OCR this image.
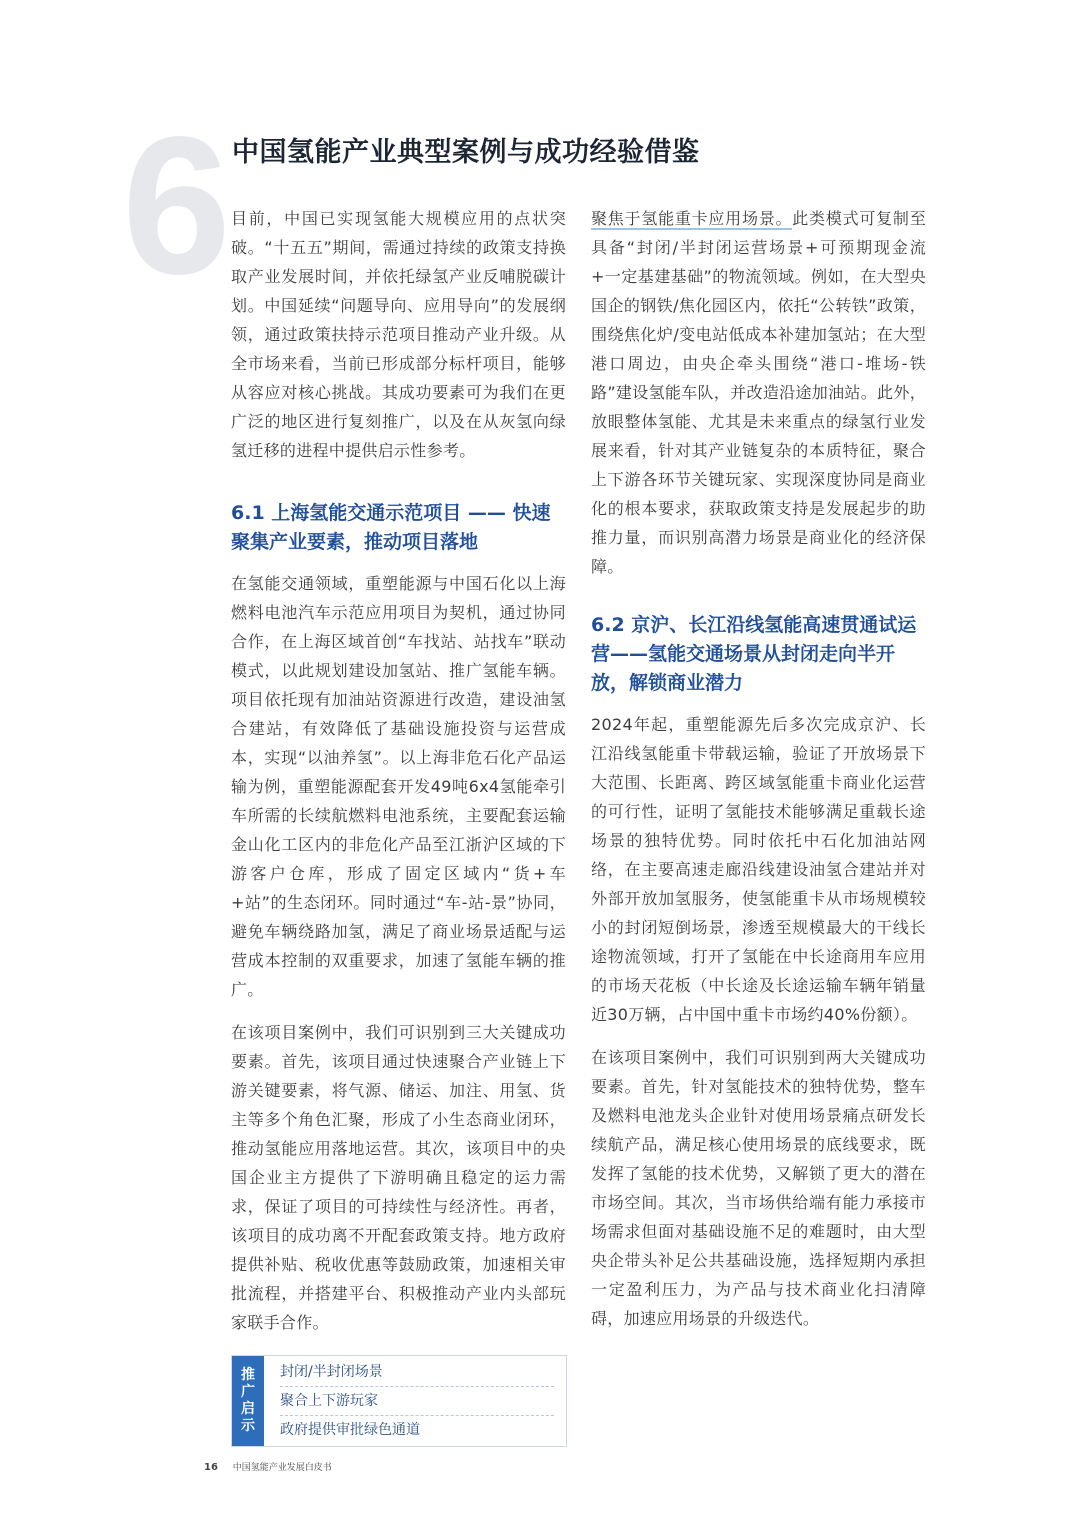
6 中国氢能产业典型案例与成功经验借鉴

目前，中国已实现氢能大规模应用的点状突破。“十五五”期间，需通过持续的政策支持换取产业发展时间，并依托绿氢产业反哺脱碳计划。中国延续“问题导向、应用导向”的发展纲领，通过政策扶持示范项目推动产业升级。从全市场来看，当前已形成部分标杆项目，能够从容应对核心挑战。其成功要素可为我们在更广泛的地区进行复刻推广，以及在从灰氢向绿氢迁移的进程中提供启示性参考。

6.1 上海氢能交通示范项目 —— 快速聚集产业要素，推动项目落地

在氢能交通领域，重塑能源与中国石化以上海燃料电池汽车示范应用项目为契机，通过协同合作，在上海区域首创“车找站、站找车”联动模式，以此规划建设加氢站、推广氢能车辆。项目依托现有加油站资源进行改造，建设油氢合建站，有效降低了基础设施投资与运营成本，实现“以油养氢”。以上海非危石化产品运输为例，重塑能源配套开发49吨6x4氢能牵引车所需的长续航燃料电池系统，主要配套运输金山化工区内的非危化产品至江浙沪区域的下游客户仓库，形成了固定区域内“货+车+站”的生态闭环。同时通过“车-站-景”协同，避免车辆绕路加氢，满足了商业场景适配与运营成本控制的双重要求，加速了氢能车辆的推广。

在该项目案例中，我们可识别到三大关键成功要素。首先，该项目通过快速聚合产业链上下游关键要素，将气源、储运、加注、用氢、货主等多个角色汇聚，形成了小生态商业闭环，推动氢能应用落地运营。其次，该项目中的央国企业主方提供了下游明确且稳定的运力需求，保证了项目的可持续性与经济性。再者，该项目的成功离不开配套政策支持。地方政府提供补贴、税收优惠等鼓励政策，加速相关审批流程，并搭建平台、积极推动产业内头部玩家联手合作。

推广启示
封闭/半封闭场景
聚合上下游玩家
政府提供审批绿色通道

聚焦于氢能重卡应用场景。此类模式可复制至具备“封闭/半封闭运营场景+可预期现金流+一定基建基础”的物流领域。例如，在大型央国企的钢铁/焦化园区内，依托“公转铁”政策，围绕焦化炉/变电站低成本补建加氢站；在大型港口周边，由央企牵头围绕“港口-堆场-铁路”建设氢能车队，并改造沿途加油站。此外，放眼整体氢能、尤其是未来重点的绿氢行业发展来看，针对其产业链复杂的本质特征，聚合上下游各环节关键玩家、实现深度协同是商业化的根本要求，获取政策支持是发展起步的助推力量，而识别高潜力场景是商业化的经济保障。

6.2 京沪、长江沿线氢能高速贯通试运营——氢能交通场景从封闭走向半开放，解锁商业潜力

2024年起，重塑能源先后多次完成京沪、长江沿线氢能重卡带载运输，验证了开放场景下大范围、长距离、跨区域氢能重卡商业化运营的可行性，证明了氢能技术能够满足重载长途场景的独特优势。同时依托中石化加油站网络，在主要高速走廊沿线建设油氢合建站并对外部开放加氢服务，使氢能重卡从市场规模较小的封闭短倒场景，渗透至规模最大的干线长途物流领域，打开了氢能在中长途商用车应用的市场天花板（中长途及长途运输车辆年销量近30万辆，占中国中重卡市场约40%份额）。

在该项目案例中，我们可识别到两大关键成功要素。首先，针对氢能技术的独特优势，整车及燃料电池龙头企业针对使用场景痛点研发长续航产品，满足核心使用场景的底线要求，既发挥了氢能的技术优势，又解锁了更大的潜在市场空间。其次，当市场供给端有能力承接市场需求但面对基础设施不足的难题时，由大型央企带头补足公共基础设施，选择短期内承担一定盈利压力，为产品与技术商业化扫清障碍，加速应用场景的升级迭代。

16 中国氢能产业发展白皮书
